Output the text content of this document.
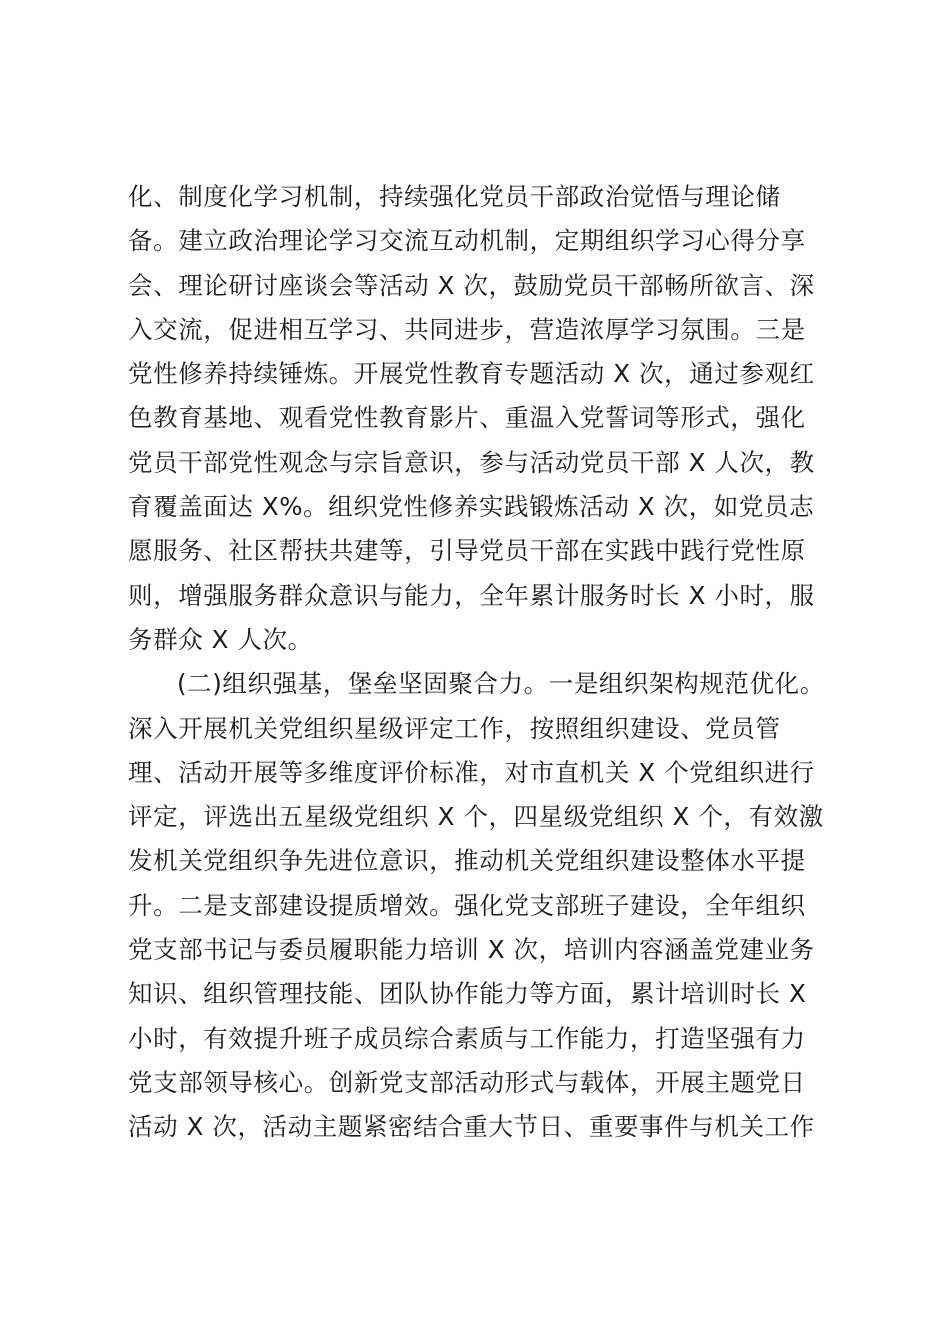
化、制度化学习机制，持续强化党员干部政治觉悟与理论储
备。建立政治理论学习交流互动机制，定期组织学习心得分享
会、理论研讨座谈会等活动 X 次，鼓励党员干部畅所欲言、深
入交流，促进相互学习、共同进步，营造浓厚学习氛围。三是
党性修养持续锤炼。开展党性教育专题活动 X 次，通过参观红
色教育基地、观看党性教育影片、重温入党誓词等形式，强化
党员干部党性观念与宗旨意识，参与活动党员干部 X 人次，教
育覆盖面达 X%。组织党性修养实践锻炼活动 X 次，如党员志
愿服务、社区帮扶共建等，引导党员干部在实践中践行党性原
则，增强服务群众意识与能力，全年累计服务时长 X 小时，服
务群众 X 人次。
(二)组织强基，堡垒坚固聚合力。一是组织架构规范优化。
深入开展机关党组织星级评定工作，按照组织建设、党员管
理、活动开展等多维度评价标准，对市直机关 X 个党组织进行
评定，评选出五星级党组织 X 个，四星级党组织 X 个，有效激
发机关党组织争先进位意识，推动机关党组织建设整体水平提
升。二是支部建设提质增效。强化党支部班子建设，全年组织
党支部书记与委员履职能力培训 X 次，培训内容涵盖党建业务
知识、组织管理技能、团队协作能力等方面，累计培训时长 X
小时，有效提升班子成员综合素质与工作能力，打造坚强有力
党支部领导核心。创新党支部活动形式与载体，开展主题党日
活动 X 次，活动主题紧密结合重大节日、重要事件与机关工作
